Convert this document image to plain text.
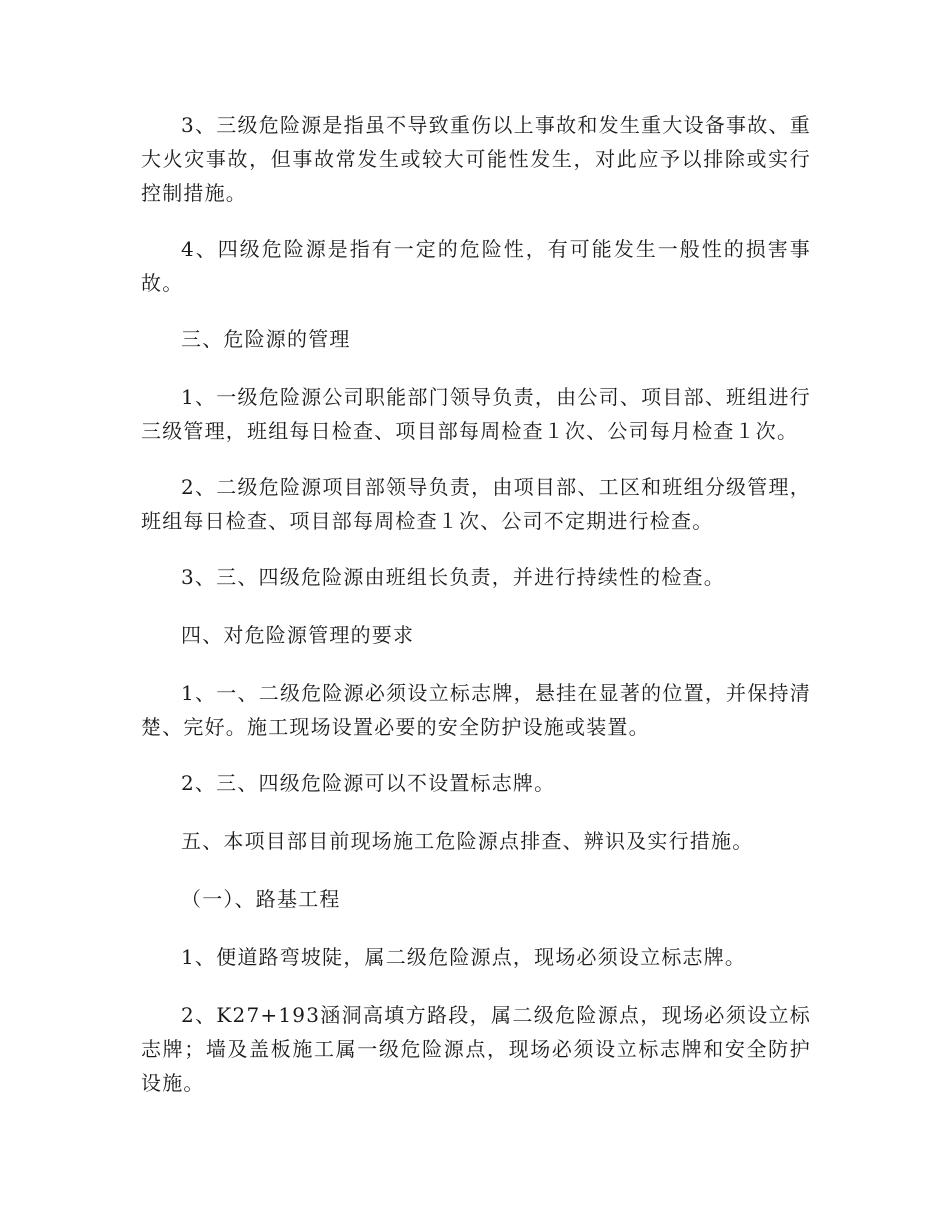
3、三级危险源是指虽不导致重伤以上事故和发生重大设备事故、重大火灾事故，但事故常发生或较大可能性发生，对此应予以排除或实行控制措施。

4、四级危险源是指有一定的危险性，有可能发生一般性的损害事故。

三、危险源的管理

1、一级危险源公司职能部门领导负责，由公司、项目部、班组进行三级管理，班组每日检查、项目部每周检查１次、公司每月检查１次。

2、二级危险源项目部领导负责，由项目部、工区和班组分级管理，班组每日检查、项目部每周检查１次、公司不定期进行检查。

3、三、四级危险源由班组长负责，并进行持续性的检查。

四、对危险源管理的要求

1、一、二级危险源必须设立标志牌，悬挂在显著的位置，并保持清楚、完好。施工现场设置必要的安全防护设施或装置。

2、三、四级危险源可以不设置标志牌。

五、本项目部目前现场施工危险源点排查、辨识及实行措施。

（一）、路基工程

1、便道路弯坡陡，属二级危险源点，现场必须设立标志牌。

2、K27+193涵洞高填方路段，属二级危险源点，现场必须设立标志牌；墙及盖板施工属一级危险源点，现场必须设立标志牌和安全防护设施。
